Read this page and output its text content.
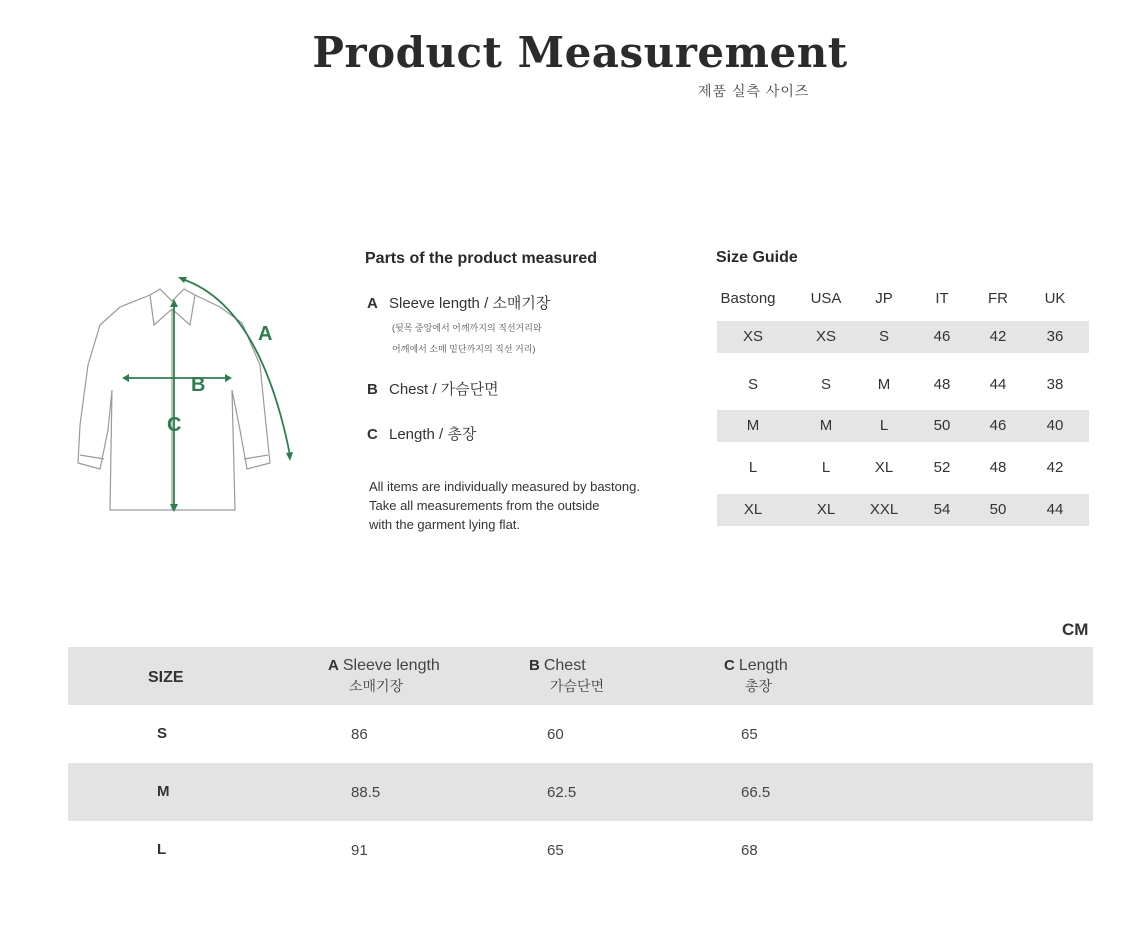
Product Measurement
제품 실측 사이즈
A
B
C
Parts of the product measured
A Sleeve length / 소매기장
(뒷목 중앙에서 어깨까지의 직선거리와
어깨에서 소매 밑단까지의 직선 거리)
B Chest / 가슴단면
C Length / 총장
All items are individually measured by bastong.
Take all measurements from the outside
with the garment lying flat.
Size Guide
Bastong USA JP	IT	FR UK
XS	XS	S	46	42	36
S	S	M	48	44	38
M	M	L	50	46	40
L	L	XL	52	48	42
XL	XL XXL 54	50	44
CM
SIZE
A Sleeve length
소매기장
B Chest
가슴단면
C Length
총장
S	86	60	65
M	88.5	62.5	66.5
L	91	65	68
